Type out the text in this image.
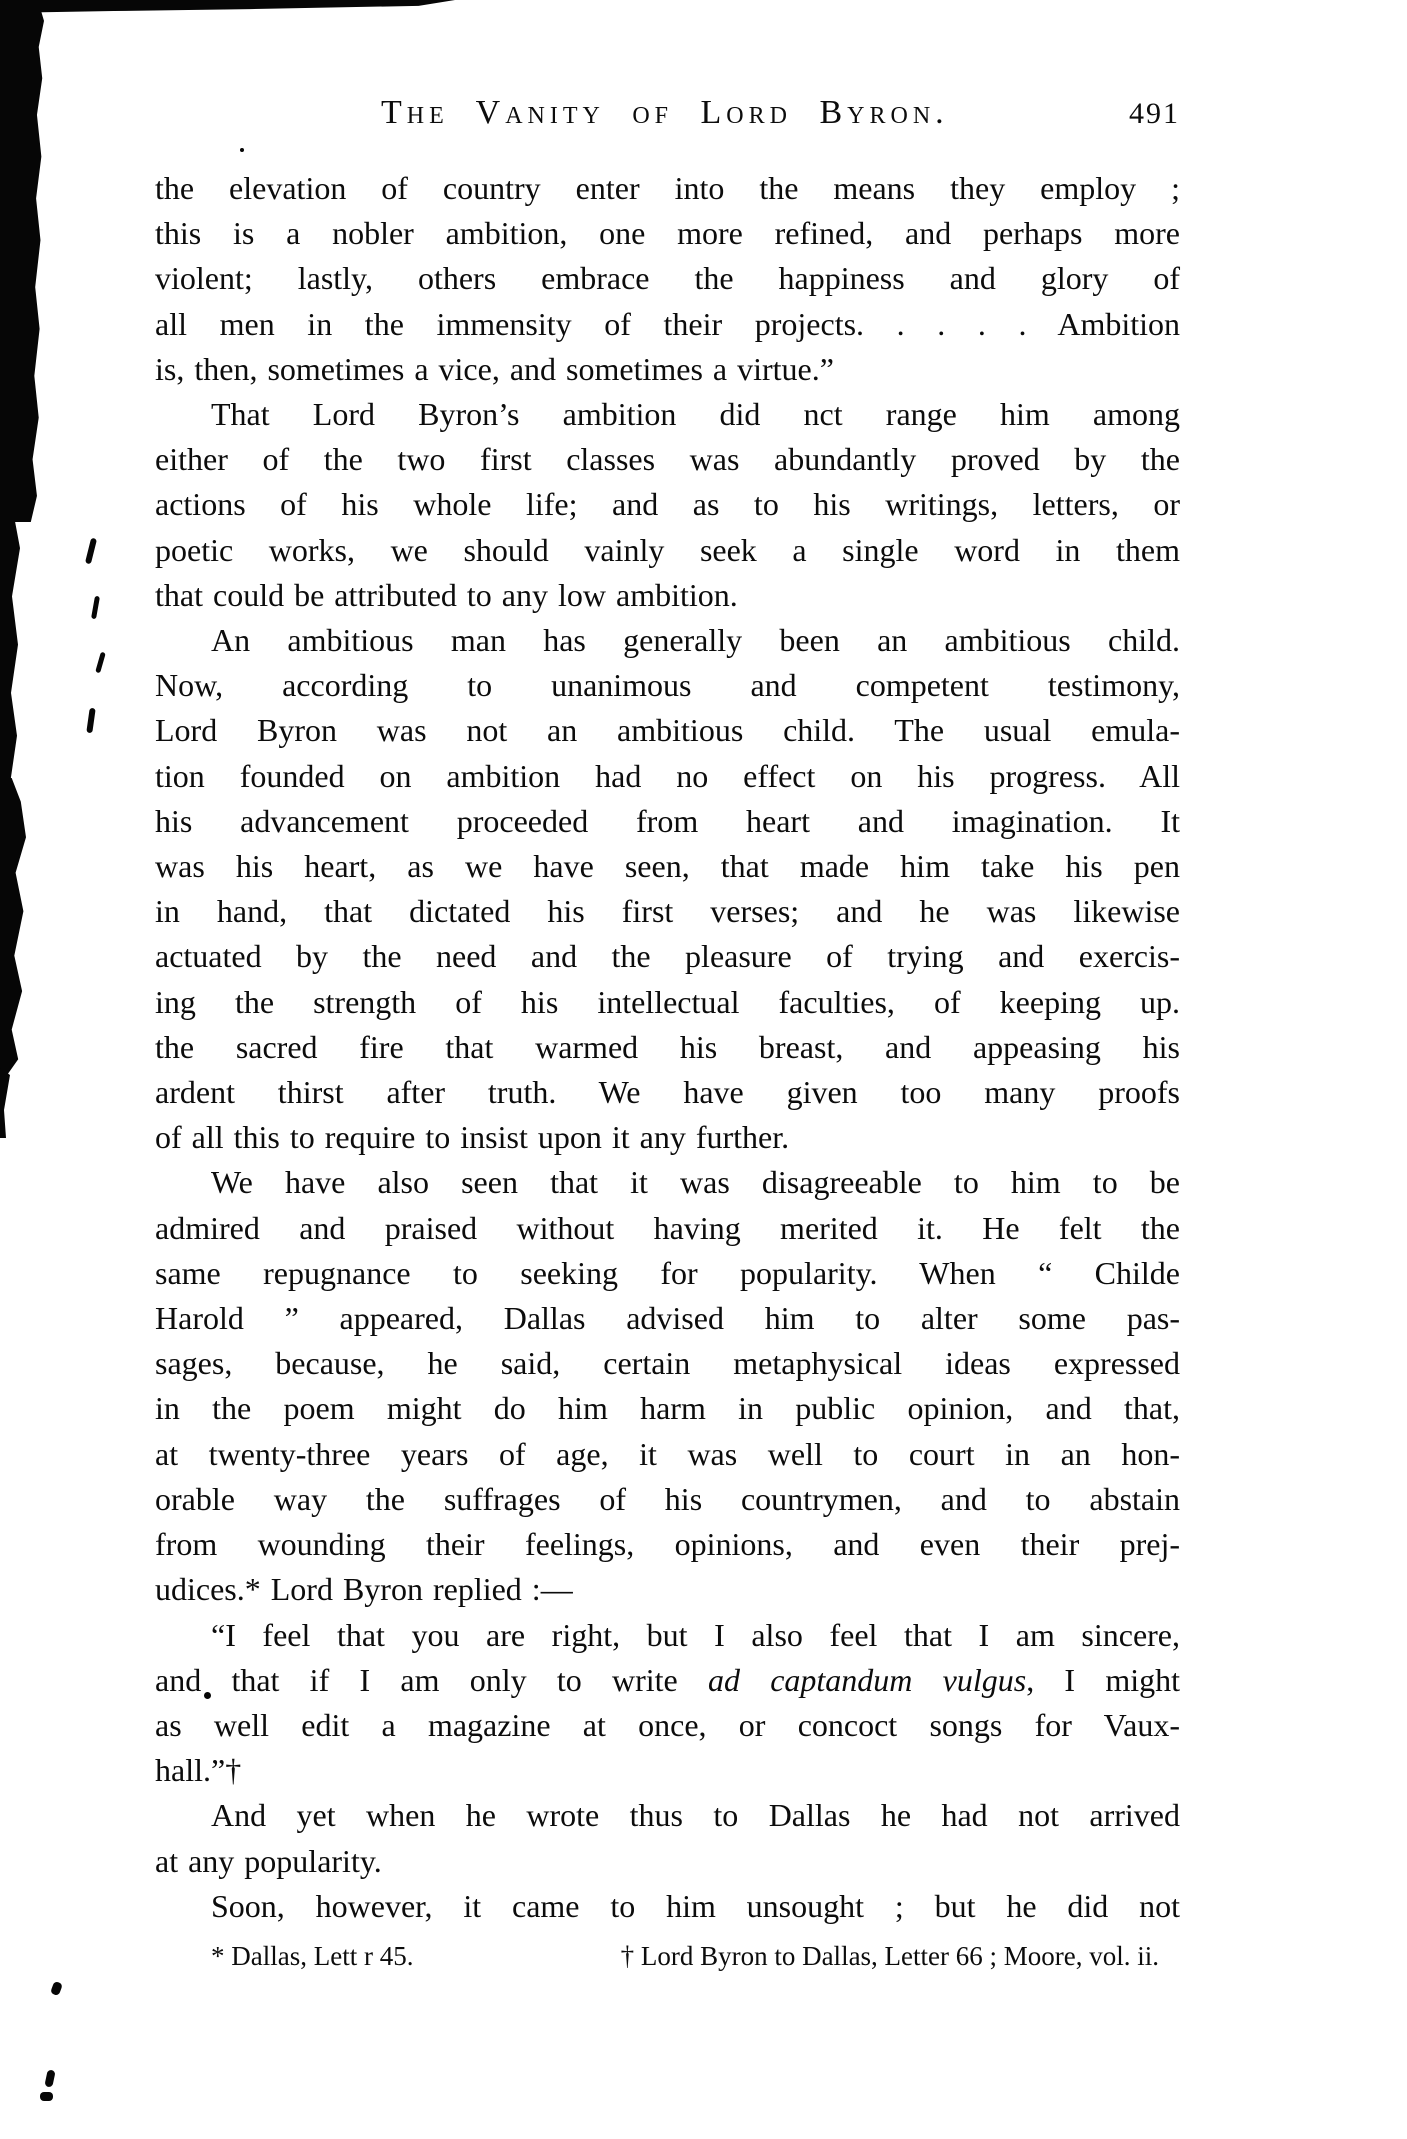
The Vanity of Lord Byron.	491
the elevation of country enter into the means they employ ;
this is a nobler ambition, one more refined, and perhaps more
violent; lastly, others embrace the happiness and glory of
all men in the immensity of their projects. . . . . Ambition
is, then, sometimes a vice, and sometimes a virtue.”
That Lord Byron’s ambition did nct range him among
either of the two first classes was abundantly proved by the
actions of his whole life; and as to his writings, letters, or
poetic works, we should vainly seek a single word in them
that could be attributed to any low ambition.
An ambitious man has generally been an ambitious child.
Now, according to unanimous and competent testimony,
Lord Byron was not an ambitious child. The usual emula-
tion founded on ambition had no effect on his progress. All
his advancement proceeded from heart and imagination. It
was his heart, as we have seen, that made him take his pen
in hand, that dictated his first verses; and he was likewise
actuated by the need and the pleasure of trying and exercis-
ing the strength of his intellectual faculties, of keeping up.
the sacred fire that warmed his breast, and appeasing his
ardent thirst after truth. We have given too many proofs
of all this to require to insist upon it any further.
We have also seen that it was disagreeable to him to be
admired and praised without having merited it. He felt the
same repugnance to seeking for popularity. When “ Childe
Harold ” appeared, Dallas advised him to alter some pas-
sages, because, he said, certain metaphysical ideas expressed
in the poem might do him harm in public opinion, and that,
at twenty-three years of age, it was well to court in an hon-
orable way the suffrages of his countrymen, and to abstain
from wounding their feelings, opinions, and even their prej-
udices.* Lord Byron replied :—
“I feel that you are right, but I also feel that I am sincere,
and that if I am only to write ad captandum vulgus, I might
as well edit a magazine at once, or concoct songs for Vaux-
hall.”†
And yet when he wrote thus to Dallas he had not arrived
at any popularity.
Soon, however, it came to him unsought ; but he did not
* Dallas, Lett r 45.	† Lord Byron to Dallas, Letter 66 ; Moore, vol. ii.
